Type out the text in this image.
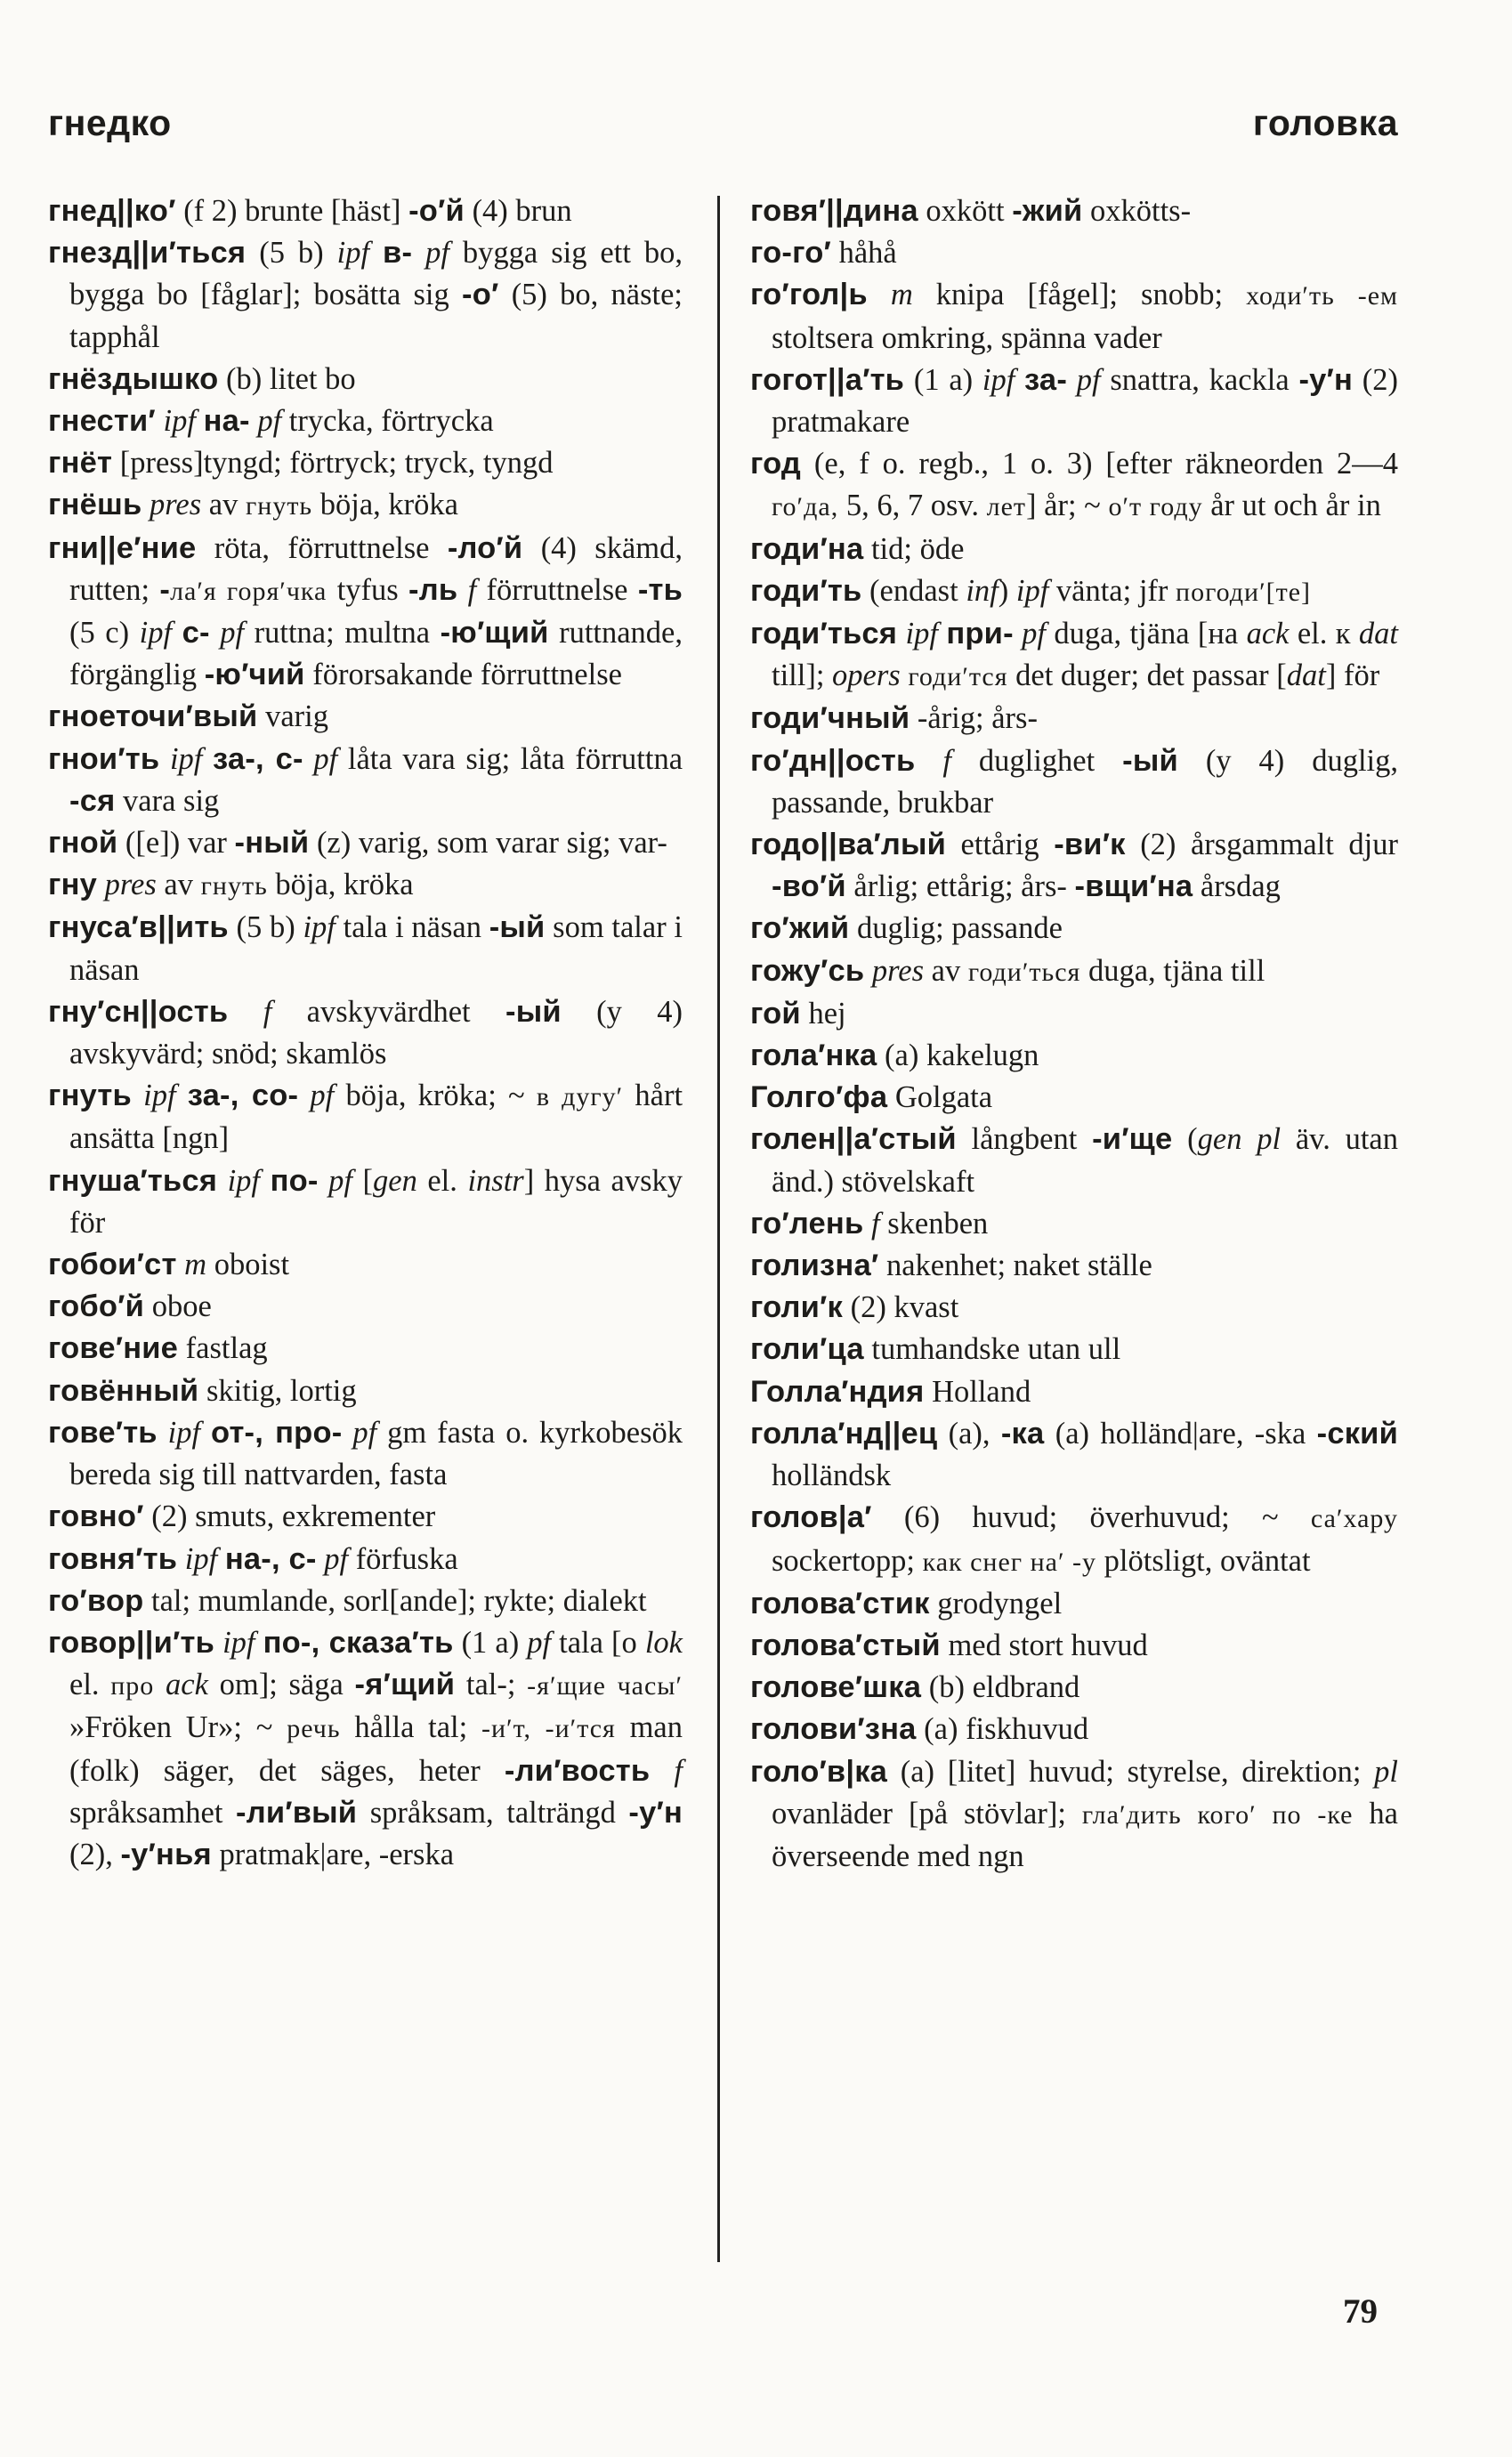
гнедко	головка

гнед||ко′ (f 2) brunte [häst] -о′й (4) brun

гнезд||и′ться (5 b) ipf в- pf bygga sig ett bo, bygga bo [fåglar]; bosätta sig -о′ (5) bo, näste; tapphål

гнёздышко (b) litet bo

гнести′ ipf на- pf trycka, förtrycka

гнёт [press]tyngd; förtryck; tryck, tyngd

гнёшь pres av гнуть böja, kröka

гни||е′ние röta, förruttnelse -ло′й (4) skämd, rutten; -ла′я горя′чка tyfus -ль f förruttnelse -ть (5 c) ipf с- pf ruttna; multna -ю′щий ruttnande, förgänglig -ю′чий förorsakande förruttnelse

гноеточи′вый varig

гнои′ть ipf за-, с- pf låta vara sig; låta förruttna -ся vara sig

гной ([e]) var -ный (z) varig, som varar sig; var-

гну pres av гнуть böja, kröka

гнуса′в||ить (5 b) ipf tala i näsan -ый som talar i näsan

гну′сн||ость f avskyvärdhet -ый (y 4) avskyvärd; snöd; skamlös

гнуть ipf за-, со- pf böja, kröka; ~ в дугу′ hårt ansätta [ngn]

гнуша′ться ipf по- pf [gen el. instr] hysa avsky för

гобои′ст m oboist

гобо′й oboe

гове′ние fastlag

говённый skitig, lortig

гове′ть ipf от-, про- pf gm fasta o. kyrkobesök bereda sig till nattvarden, fasta

говно′ (2) smuts, exkrementer

говня′ть ipf на-, с- pf förfuska

го′вор tal; mumlande, sorl[ande]; rykte; dialekt

говор||и′ть ipf по-, сказа′ть (1 a) pf tala [о lok el. про ack om]; säga -я′щий tal-; -я′щие часы′ »Fröken Ur»; ~ речь hålla tal; -и′т, -и′тся man (folk) säger, det säges, heter -ли′вость f språksamhet -ли′вый språksam, talträngd -у′н (2), -у′нья pratmak|are, -erska

говя′||дина oxkött -жий oxkötts-

го-го′ håhå

го′гол|ь m knipa [fågel]; snobb; ходи′ть -ем stoltsera omkring, spänna vader

гогот||а′ть (1 a) ipf за- pf snattra, kackla -у′н (2) pratmakare

год (e, f o. regb., 1 o. 3) [efter räkneorden 2—4 го′да, 5, 6, 7 osv. лет] år; ~ о′т году år ut och år in

годи′на tid; öde

годи′ть (endast inf) ipf vänta; jfr погоди′[те]

годи′ться ipf при- pf duga, tjäna [на ack el. к dat till]; opers годи′тся det duger; det passar [dat] för

годи′чный -årig; års-

го′дн||ость f duglighet -ый (y 4) duglig, passande, brukbar

годо||ва′лый ettårig -ви′к (2) årsgammalt djur -во′й årlig; ettårig; års- -вщи′на årsdag

го′жий duglig; passande

гожу′сь pres av годи′ться duga, tjäna till

гой hej

гола′нка (a) kakelugn

Голго′фа Golgata

голен||а′стый långbent -и′ще (gen pl äv. utan änd.) stövelskaft

го′лень f skenben

голизна′ nakenhet; naket ställe

голи′к (2) kvast

голи′ца tumhandske utan ull

Голла′ндия Holland

голла′нд||ец (a), -ка (a) holländ|are, -ska -ский holländsk

голов|а′ (6) huvud; överhuvud; ~ са′хару sockertopp; как снег на′ -у plötsligt, oväntat

голова′стик grodyngel

голова′стый med stort huvud

голове′шка (b) eldbrand

голови′зна (a) fiskhuvud

голо′в|ка (a) [litet] huvud; styrelse, direktion; pl ovanläder [på stövlar]; гла′дить кого′ по -ке ha överseende med ngn

79
